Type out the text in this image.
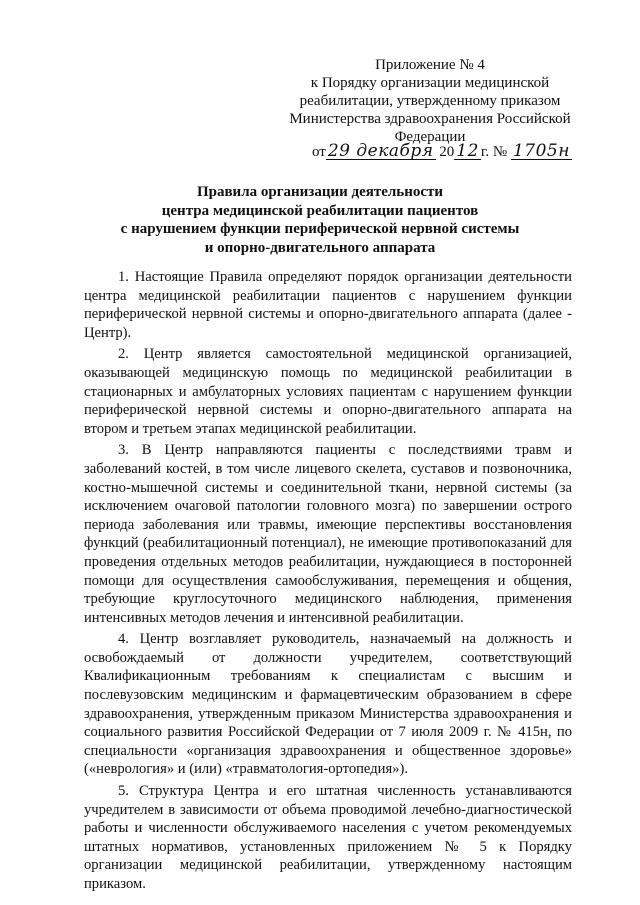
Приложение № 4
к Порядку организации медицинской
реабилитации, утвержденному приказом
Министерства здравоохранения Российской
Федерации
от 29 декабря 20 12 г. № 1705н
Правила организации деятельности
центра медицинской реабилитации пациентов
с нарушением функции периферической нервной системы
и опорно-двигательного аппарата

1. Настоящие Правила определяют порядок организации деятельности центра медицинской реабилитации пациентов с нарушением функции периферической нервной системы и опорно-двигательного аппарата (далее - Центр).

2. Центр является самостоятельной медицинской организацией, оказывающей медицинскую помощь по медицинской реабилитации в стационарных и амбулаторных условиях пациентам с нарушением функции периферической нервной системы и опорно-двигательного аппарата на втором и третьем этапах медицинской реабилитации.

3. В Центр направляются пациенты с последствиями травм и заболеваний костей, в том числе лицевого скелета, суставов и позвоночника, костно-мышечной системы и соединительной ткани, нервной системы (за исключением очаговой патологии головного мозга) по завершении острого периода заболевания или травмы, имеющие перспективы восстановления функций (реабилитационный потенциал), не имеющие противопоказаний для проведения отдельных методов реабилитации, нуждающиеся в посторонней помощи для осуществления самообслуживания, перемещения и общения, требующие круглосуточного медицинского наблюдения, применения интенсивных методов лечения и интенсивной реабилитации.

4. Центр возглавляет руководитель, назначаемый на должность и освобождаемый от должности учредителем, соответствующий Квалификационным требованиям к специалистам с высшим и послевузовским медицинским и фармацевтическим образованием в сфере здравоохранения, утвержденным приказом Министерства здравоохранения и социального развития Российской Федерации от 7 июля 2009 г. № 415н, по специальности «организация здравоохранения и общественное здоровье» («неврология» и (или) «травматология-ортопедия»).

5. Структура Центра и его штатная численность устанавливаются учредителем в зависимости от объема проводимой лечебно-диагностической работы и численности обслуживаемого населения с учетом рекомендуемых штатных нормативов, установленных приложением № 5 к Порядку организации медицинской реабилитации, утвержденному настоящим приказом.
